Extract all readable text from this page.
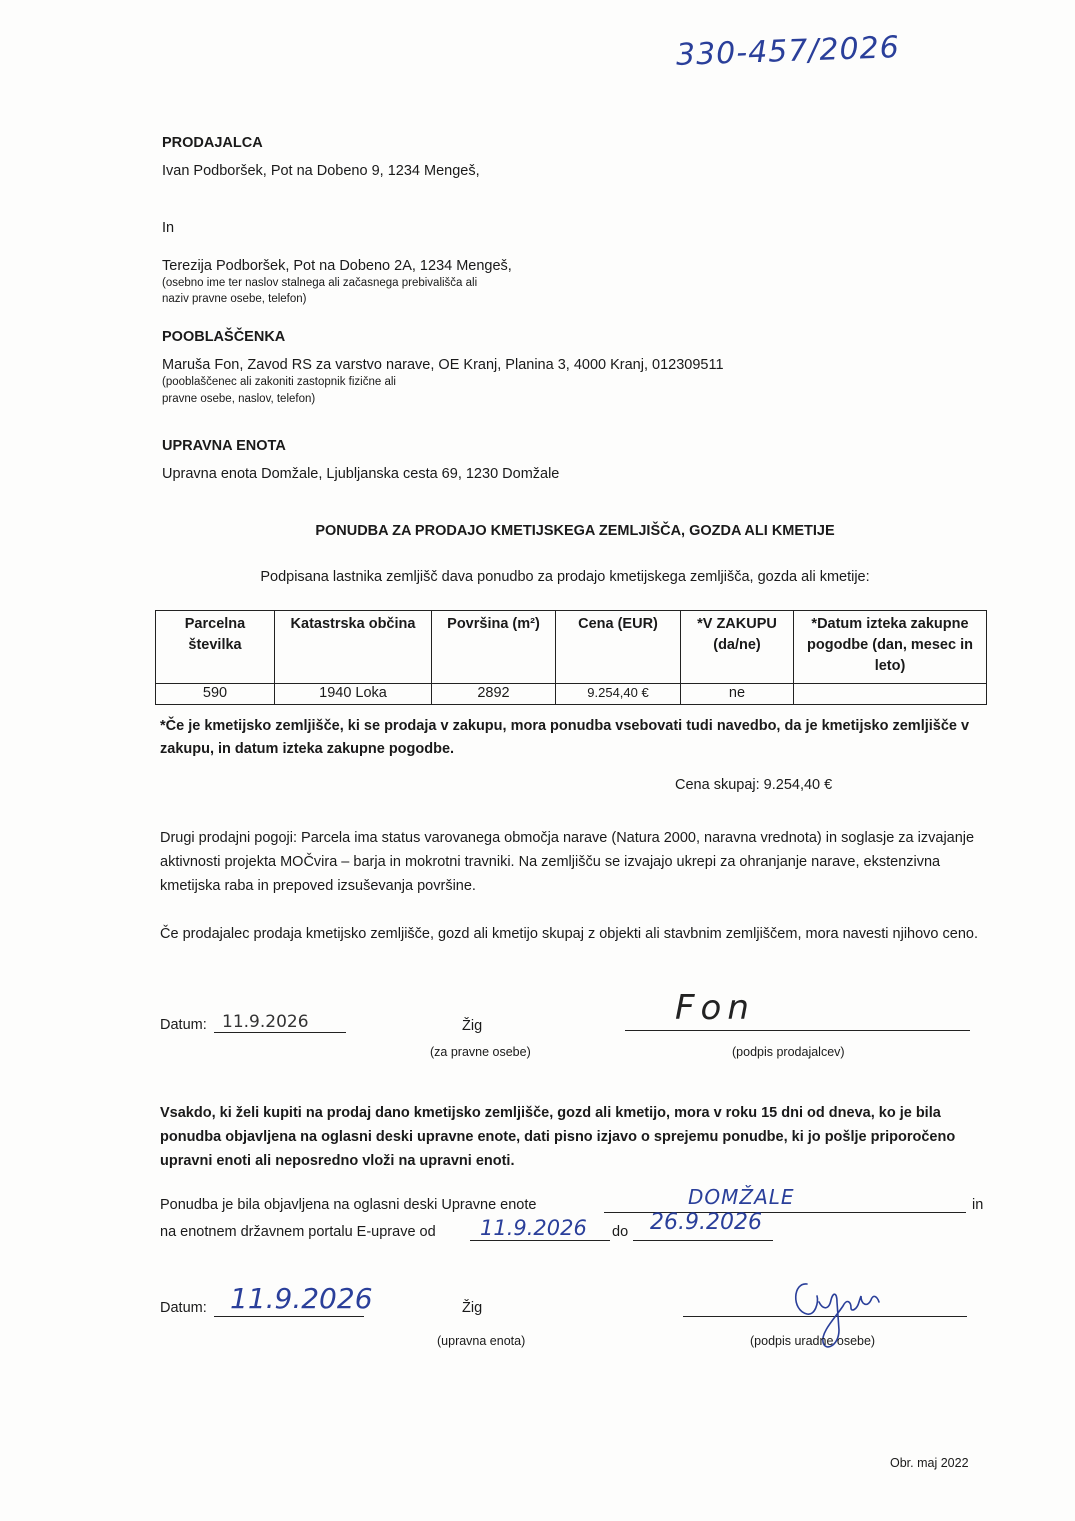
330-457/2026
PRODAJALCA
Ivan Podboršek, Pot na Dobeno 9, 1234 Mengeš,
In
Terezija Podboršek, Pot na Dobeno 2A, 1234 Mengeš,
(osebno ime ter naslov stalnega ali začasnega prebivališča ali
naziv pravne osebe, telefon)
POOBLAŠČENKA
Maruša Fon, Zavod RS za varstvo narave, OE Kranj, Planina 3, 4000 Kranj, 012309511
(pooblaščenec ali zakoniti zastopnik fizične ali
pravne osebe, naslov, telefon)
UPRAVNA ENOTA
Upravna enota Domžale, Ljubljanska cesta 69, 1230 Domžale
PONUDBA ZA PRODAJO KMETIJSKEGA ZEMLJIŠČA, GOZDA ALI KMETIJE
Podpisana lastnika zemljišč dava ponudbo za prodajo kmetijskega zemljišča, gozda ali kmetije:
Parcelna številka	Katastrska občina	Površina (m²)	Cena (EUR)	*V ZAKUPU (da/ne)	*Datum izteka zakupne pogodbe (dan, mesec in leto)
590	1940 Loka	2892	9.254,40 €	ne	
*Če je kmetijsko zemljišče, ki se prodaja v zakupu, mora ponudba vsebovati tudi navedbo, da je kmetijsko zemljišče v zakupu, in datum izteka zakupne pogodbe.
Cena skupaj: 9.254,40 €
Drugi prodajni pogoji: Parcela ima status varovanega območja narave (Natura 2000, naravna vrednota) in soglasje za izvajanje aktivnosti projekta MOČvira – barja in mokrotni travniki. Na zemljišču se izvajajo ukrepi za ohranjanje narave, ekstenzivna kmetijska raba in prepoved izsuševanja površine.
Če prodajalec prodaja kmetijsko zemljišče, gozd ali kmetijo skupaj z objekti ali stavbnim zemljiščem, mora navesti njihovo ceno.
Datum: 11.9.2026	Žig
(za pravne osebe)
Fon
(podpis prodajalcev)
Vsakdo, ki želi kupiti na prodaj dano kmetijsko zemljišče, gozd ali kmetijo, mora v roku 15 dni od dneva, ko je bila ponudba objavljena na oglasni deski upravne enote, dati pisno izjavo o sprejemu ponudbe, ki jo pošlje priporočeno upravni enoti ali neposredno vloži na upravni enoti.
Ponudba je bila objavljena na oglasni deski Upravne enote	DOMŽALE	in
na enotnem državnem portalu E-uprave od 11.9.2026 do 26.9.2026
Datum: 11.9.2026	Žig
(upravna enota)	(podpis uradne osebe)
Obr. maj 2022
